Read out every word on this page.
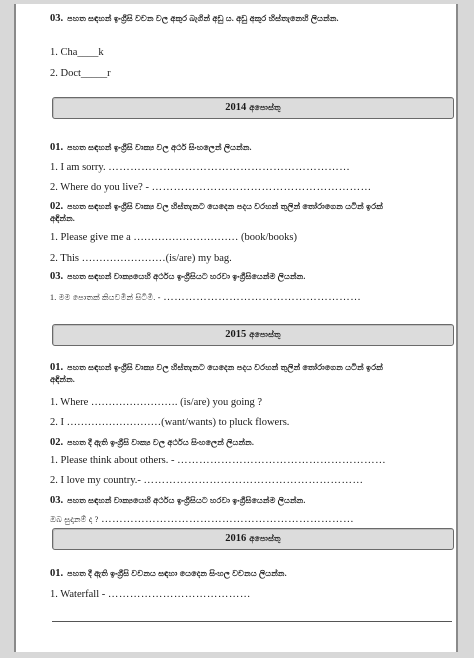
03. පහත සඳහන් ඉංග්‍රීසි වචන වල අකුර බැගින් අඩු ය. අඩු අකුර හිස්තැනෙහි ලියන්න.
1. Cha____k
2. Doct_____r
2014 අපොස්තු
01. පහත සඳහන් ඉංග්‍රීසි වාක්‍ය වල අර්ථ සිංහලෙන් ලියන්න.
1. I am sorry. …………………………………………………………
2. Where do you live? - ……………………………………………………
02. පහත සඳහන් ඉංග්‍රීසි වාක්‍ය වල හිස්තැනට යෙදෙන පදය වරහන් තුලින් තෝරාගෙන යටින් ඉරක්
අඳින්න.
1. Please give me a ………………………… (book/books)
2. This ……………………(is/are) my bag.
03. පහත සඳහන් වාක්‍යයෙහි අර්ථය ඉංග්‍රීසියට හරවා ඉංග්‍රීසියෙන්ම ලියන්න.
1. මම පොතක් කියවමින් සිටිමි. - ………………………………………………
2015 අපොස්තු
01. පහත සඳහන් ඉංග්‍රීසි වාක්‍ය වල හිස්තැනට යෙදෙන පදය වරහන් තුලින් තෝරාගෙන යටින් ඉරක්
අඳින්න.
1. Where ……………………. (is/are) you going ?
2. I ………………………(want/wants) to pluck flowers.
02. පහත දී ඇති ඉංග්‍රීසි වාක්‍ය වල අර්ථය සිංහලෙන් ලියන්න.
1. Please think about others. - …………………………………………………
2. I love my country.- ……………………………………………………
03. පහත සඳහන් වාක්‍යයෙහි අර්ථය ඉංග්‍රීසියට හරවා ඉංග්‍රීසියෙන්ම ලියන්න.
ඔබ සුදානම් ද ? ……………………………………………………………
2016 අපොස්තු
01. පහත දී ඇති ඉංග්‍රීසි වචනය සඳහා යෙදෙන සිංහල වචනය ලියන්න.
1. Waterfall - …………………………………
